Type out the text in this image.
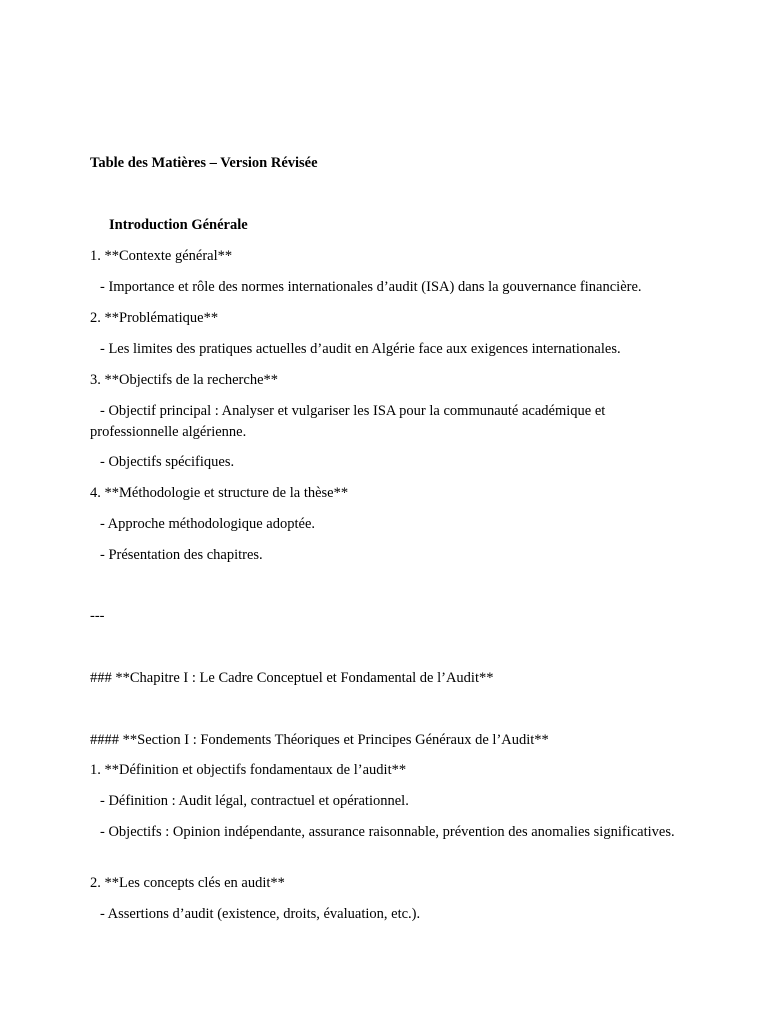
Table des Matières – Version Révisée
Introduction Générale
1. **Contexte général**
- Importance et rôle des normes internationales d’audit (ISA) dans la gouvernance financière.
2. **Problématique**
- Les limites des pratiques actuelles d’audit en Algérie face aux exigences internationales.
3. **Objectifs de la recherche**
- Objectif principal : Analyser et vulgariser les ISA pour la communauté académique et professionnelle algérienne.
- Objectifs spécifiques.
4. **Méthodologie et structure de la thèse**
- Approche méthodologique adoptée.
- Présentation des chapitres.
---
### **Chapitre I : Le Cadre Conceptuel et Fondamental de l’Audit**
#### **Section I : Fondements Théoriques et Principes Généraux de l’Audit**
1. **Définition et objectifs fondamentaux de l’audit**
- Définition : Audit légal, contractuel et opérationnel.
- Objectifs : Opinion indépendante, assurance raisonnable, prévention des anomalies significatives.
2. **Les concepts clés en audit**
- Assertions d’audit (existence, droits, évaluation, etc.).
